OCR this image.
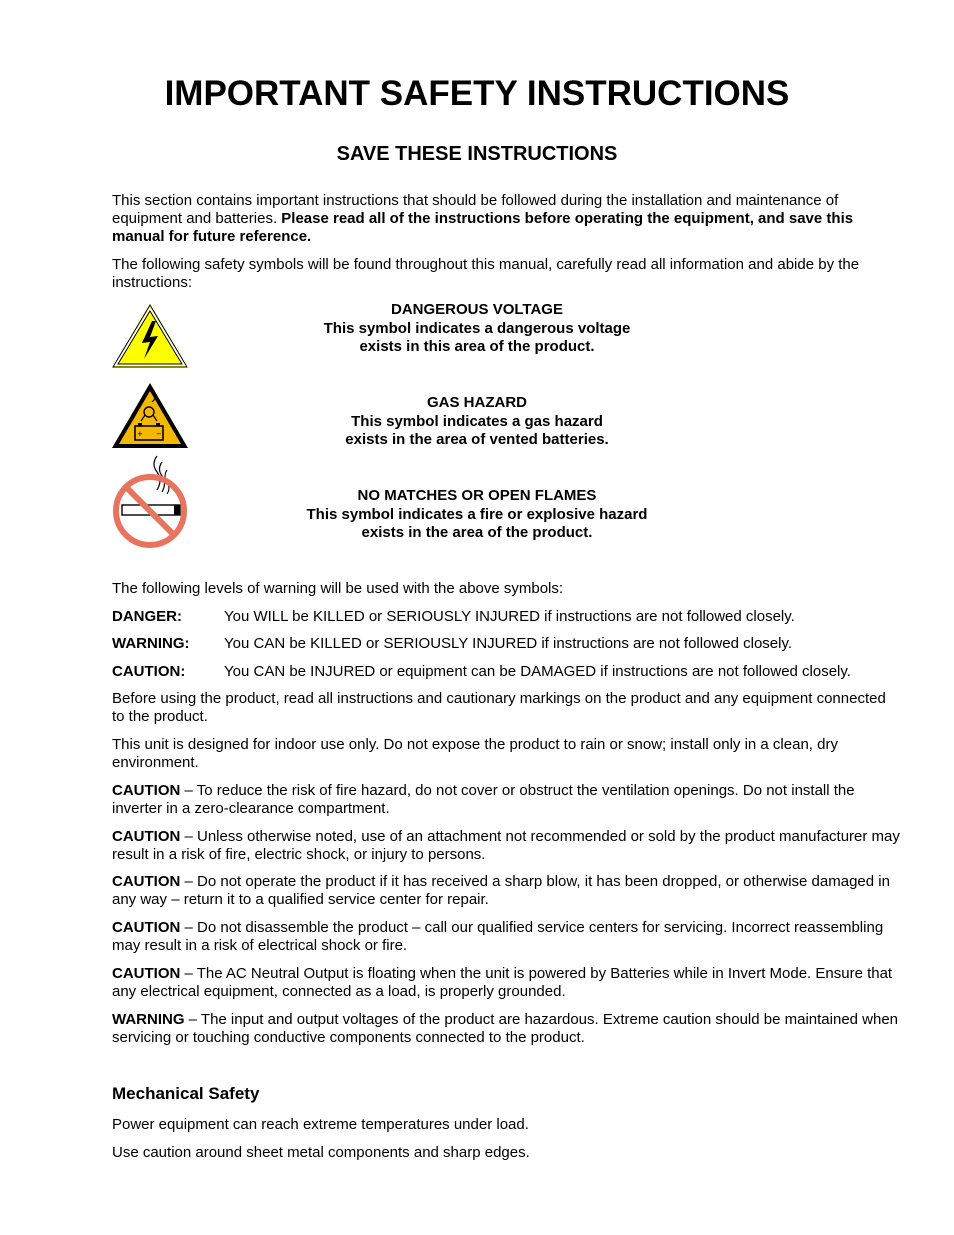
IMPORTANT SAFETY INSTRUCTIONS
SAVE THESE INSTRUCTIONS

This section contains important instructions that should be followed during the installation and maintenance of equipment and batteries. Please read all of the instructions before operating the equipment, and save this manual for future reference.

The following safety symbols will be found throughout this manual, carefully read all information and abide by the instructions:

DANGEROUS VOLTAGE
This symbol indicates a dangerous voltage
exists in this area of the product.
+ −
GAS HAZARD
This symbol indicates a gas hazard
exists in the area of vented batteries.
NO MATCHES OR OPEN FLAMES
This symbol indicates a fire or explosive hazard
exists in the area of the product.

The following levels of warning will be used with the above symbols:

DANGER:	You WILL be KILLED or SERIOUSLY INJURED if instructions are not followed closely.
WARNING: You CAN be KILLED or SERIOUSLY INJURED if instructions are not followed closely.
CAUTION:	You CAN be INJURED or equipment can be DAMAGED if instructions are not followed closely.

Before using the product, read all instructions and cautionary markings on the product and any equipment connected to the product.

This unit is designed for indoor use only. Do not expose the product to rain or snow; install only in a clean, dry environment.

CAUTION – To reduce the risk of fire hazard, do not cover or obstruct the ventilation openings. Do not install the inverter in a zero-clearance compartment.

CAUTION – Unless otherwise noted, use of an attachment not recommended or sold by the product manufacturer may result in a risk of fire, electric shock, or injury to persons.

CAUTION – Do not operate the product if it has received a sharp blow, it has been dropped, or otherwise damaged in any way – return it to a qualified service center for repair.

CAUTION – Do not disassemble the product – call our qualified service centers for servicing. Incorrect reassembling may result in a risk of electrical shock or fire.

CAUTION – The AC Neutral Output is floating when the unit is powered by Batteries while in Invert Mode. Ensure that any electrical equipment, connected as a load, is properly grounded.

WARNING – The input and output voltages of the product are hazardous. Extreme caution should be maintained when servicing or touching conductive components connected to the product.

Mechanical Safety

Power equipment can reach extreme temperatures under load.

Use caution around sheet metal components and sharp edges.
